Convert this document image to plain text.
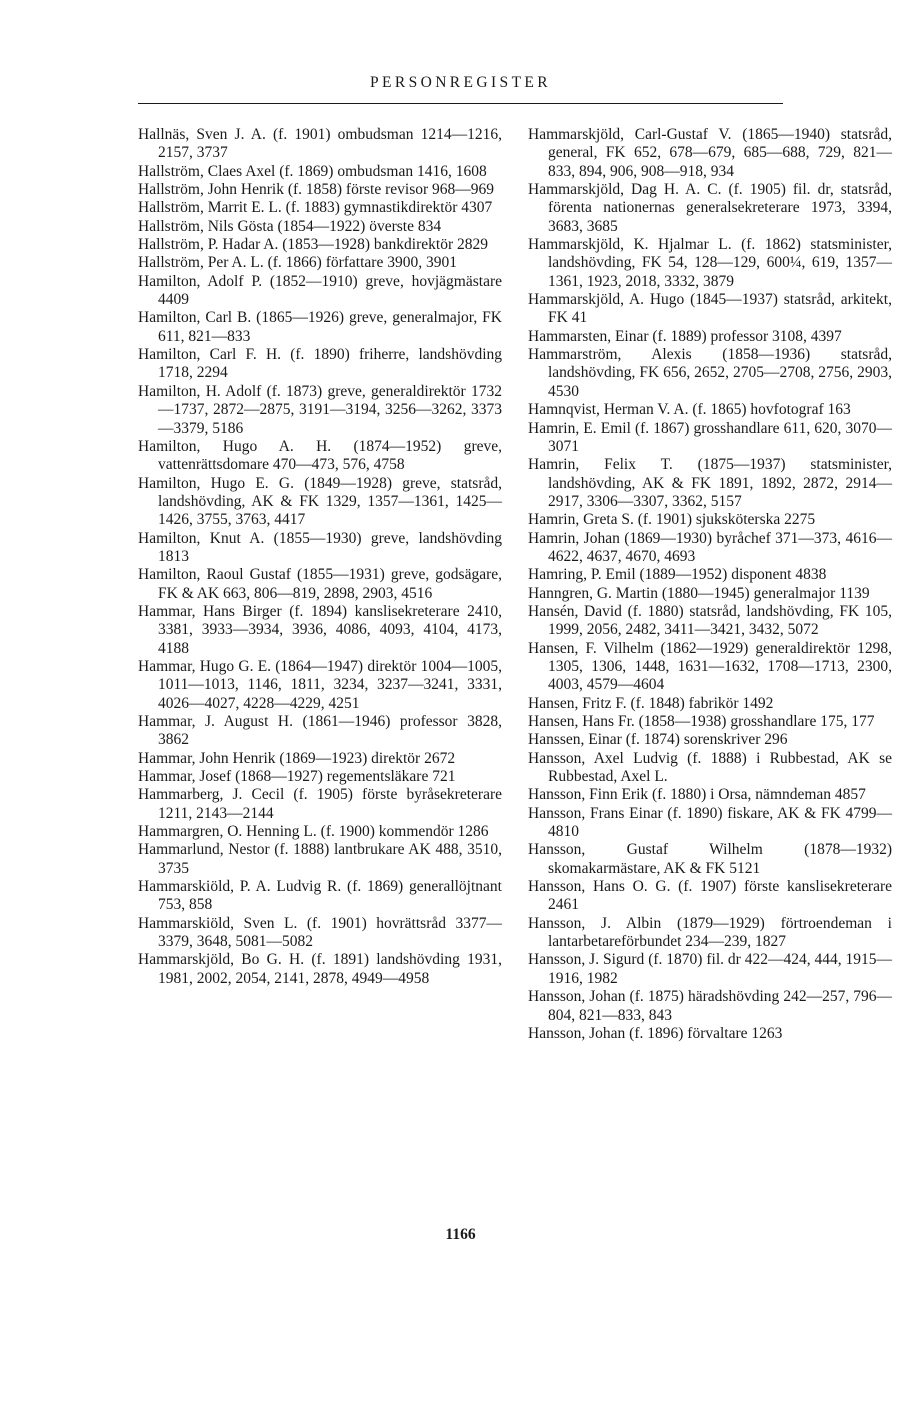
PERSONREGISTER

Hallnäs, Sven J. A. (f. 1901) ombudsman 1214—1216, 2157, 3737

Hallström, Claes Axel (f. 1869) ombudsman 1416, 1608

Hallström, John Henrik (f. 1858) förste revisor 968—969

Hallström, Marrit E. L. (f. 1883) gymnastikdirektör 4307

Hallström, Nils Gösta (1854—1922) överste 834

Hallström, P. Hadar A. (1853—1928) bankdirektör 2829

Hallström, Per A. L. (f. 1866) författare 3900, 3901

Hamilton, Adolf P. (1852—1910) greve, hovjägmästare 4409

Hamilton, Carl B. (1865—1926) greve, generalmajor, FK 611, 821—833

Hamilton, Carl F. H. (f. 1890) friherre, landshövding 1718, 2294

Hamilton, H. Adolf (f. 1873) greve, generaldirektör 1732—1737, 2872—2875, 3191—3194, 3256—3262, 3373—3379, 5186

Hamilton, Hugo A. H. (1874—1952) greve, vattenrättsdomare 470—473, 576, 4758

Hamilton, Hugo E. G. (1849—1928) greve, statsråd, landshövding, AK & FK 1329, 1357—1361, 1425—1426, 3755, 3763, 4417

Hamilton, Knut A. (1855—1930) greve, landshövding 1813

Hamilton, Raoul Gustaf (1855—1931) greve, godsägare, FK & AK 663, 806—819, 2898, 2903, 4516

Hammar, Hans Birger (f. 1894) kanslisekreterare 2410, 3381, 3933—3934, 3936, 4086, 4093, 4104, 4173, 4188

Hammar, Hugo G. E. (1864—1947) direktör 1004—1005, 1011—1013, 1146, 1811, 3234, 3237—3241, 3331, 4026—4027, 4228—4229, 4251

Hammar, J. August H. (1861—1946) professor 3828, 3862

Hammar, John Henrik (1869—1923) direktör 2672

Hammar, Josef (1868—1927) regementsläkare 721

Hammarberg, J. Cecil (f. 1905) förste byråsekreterare 1211, 2143—2144

Hammargren, O. Henning L. (f. 1900) kommendör 1286

Hammarlund, Nestor (f. 1888) lantbrukare AK 488, 3510, 3735

Hammarskiöld, P. A. Ludvig R. (f. 1869) generallöjtnant 753, 858

Hammarskiöld, Sven L. (f. 1901) hovrättsråd 3377—3379, 3648, 5081—5082

Hammarskjöld, Bo G. H. (f. 1891) landshövding 1931, 1981, 2002, 2054, 2141, 2878, 4949—4958

Hammarskjöld, Carl-Gustaf V. (1865—1940) statsråd, general, FK 652, 678—679, 685—688, 729, 821—833, 894, 906, 908—918, 934

Hammarskjöld, Dag H. A. C. (f. 1905) fil. dr, statsråd, förenta nationernas generalsekreterare 1973, 3394, 3683, 3685

Hammarskjöld, K. Hjalmar L. (f. 1862) statsminister, landshövding, FK 54, 128—129, 600¼, 619, 1357—1361, 1923, 2018, 3332, 3879

Hammarskjöld, A. Hugo (1845—1937) statsråd, arkitekt, FK 41

Hammarsten, Einar (f. 1889) professor 3108, 4397

Hammarström, Alexis (1858—1936) statsråd, landshövding, FK 656, 2652, 2705—2708, 2756, 2903, 4530

Hamnqvist, Herman V. A. (f. 1865) hovfotograf 163

Hamrin, E. Emil (f. 1867) grosshandlare 611, 620, 3070—3071

Hamrin, Felix T. (1875—1937) statsminister, landshövding, AK & FK 1891, 1892, 2872, 2914—2917, 3306—3307, 3362, 5157

Hamrin, Greta S. (f. 1901) sjuksköterska 2275

Hamrin, Johan (1869—1930) byråchef 371—373, 4616—4622, 4637, 4670, 4693

Hamring, P. Emil (1889—1952) disponent 4838

Hanngren, G. Martin (1880—1945) generalmajor 1139

Hansén, David (f. 1880) statsråd, landshövding, FK 105, 1999, 2056, 2482, 3411—3421, 3432, 5072

Hansen, F. Vilhelm (1862—1929) generaldirektör 1298, 1305, 1306, 1448, 1631—1632, 1708—1713, 2300, 4003, 4579—4604

Hansen, Fritz F. (f. 1848) fabrikör 1492

Hansen, Hans Fr. (1858—1938) grosshandlare 175, 177

Hanssen, Einar (f. 1874) sorenskriver 296

Hansson, Axel Ludvig (f. 1888) i Rubbestad, AK se Rubbestad, Axel L.

Hansson, Finn Erik (f. 1880) i Orsa, nämndeman 4857

Hansson, Frans Einar (f. 1890) fiskare, AK & FK 4799—4810

Hansson, Gustaf Wilhelm (1878—1932) skomakarmästare, AK & FK 5121

Hansson, Hans O. G. (f. 1907) förste kanslisekreterare 2461

Hansson, J. Albin (1879—1929) förtroendeman i lantarbetareförbundet 234—239, 1827

Hansson, J. Sigurd (f. 1870) fil. dr 422—424, 444, 1915—1916, 1982

Hansson, Johan (f. 1875) häradshövding 242—257, 796—804, 821—833, 843

Hansson, Johan (f. 1896) förvaltare 1263

1166
